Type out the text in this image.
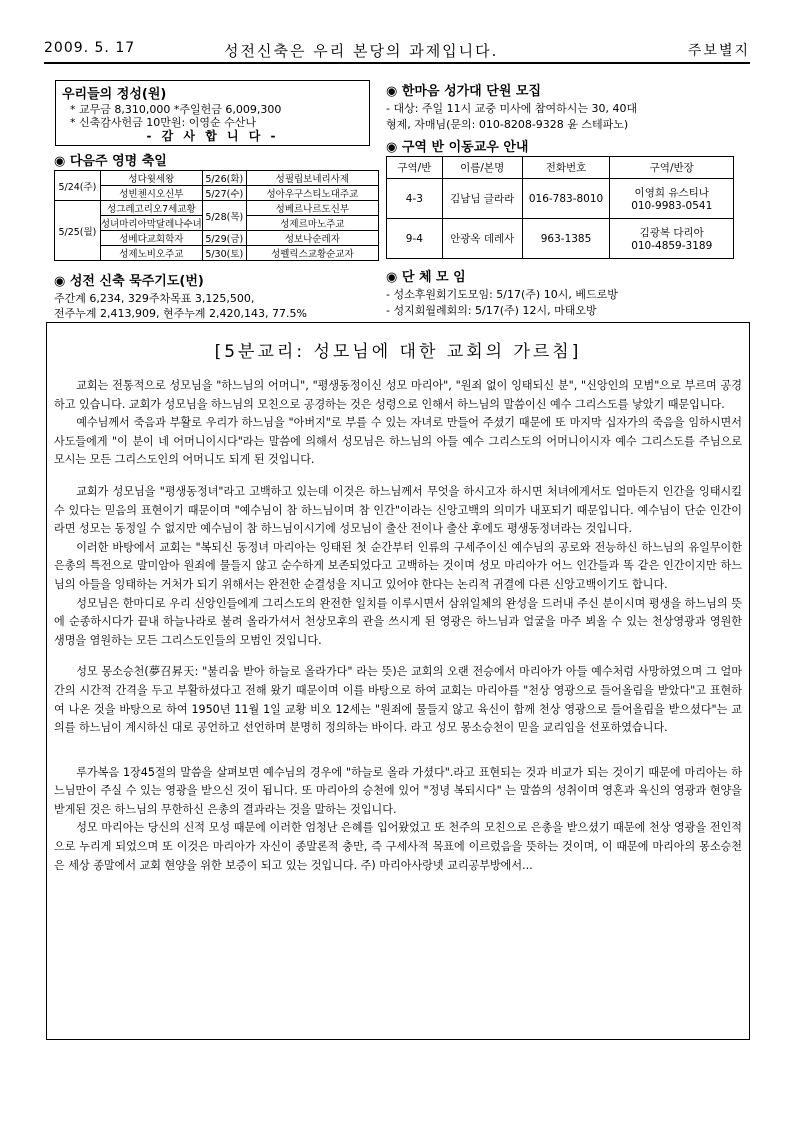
2009. 5. 17	성전신축은 우리 본당의 과제입니다.	주보별지
우리들의 정성(원)
* 교무금 8,310,000 *주일헌금 6,009,300
* 신축감사헌금 10만원: 이영순 수산나
- 감 사 합 니 다 -
◉ 다음주 영명 축일
5/24(주)	성다윗세왕	5/26(화)	성필립보네리사제
	성빈첸시오신부	5/27(수)	성아우구스티노대주교
5/25(월)	성그레고리오7세교황	5/28(목)	성베르나르도신부
	성녀마리아막달레나수녀		성제르마노주교
	성베다교회학자	5/29(금)	성보나순레자
	성제노비오주교	5/30(토)	성펠릭스교황순교자
◉ 성전 신축 묵주기도(번)
주간계 6,234, 329주차목표 3,125,500,
전주누계 2,413,909, 현주누계 2,420,143, 77.5%
◉ 한마음 성가대 단원 모집
- 대상: 주일 11시 교중 미사에 참여하시는 30, 40대
형제, 자매님(문의: 010-8208-9328 윤 스테파노)
◉ 구역 반 이동교우 안내
구역/반	이름/본명	전화번호	구역/반장
4-3	김남님 글라라	016-783-8010	이영희 유스티나
010-9983-0541
9-4	안광옥 데레사	963-1385	김광복 다리아
010-4859-3189
◉ 단 체 모 임
- 성소후원회기도모임: 5/17(주) 10시, 베드로방
- 성지회월례회의: 5/17(주) 12시, 마태오방
[5분교리: 성모님에 대한 교회의 가르침]

교회는 전통적으로 성모님을 "하느님의 어머니", "평생동정이신 성모 마리아", "원죄 없이 잉태되신 분", "신앙인의 모범"으로 부르며 공경하고 있습니다. 교회가 성모님을 하느님의 모친으로 공경하는 것은 성령으로 인해서 하느님의 말씀이신 예수 그리스도를 낳았기 때문입니다.

예수님께서 죽음과 부활로 우리가 하느님을 "아버지"로 부를 수 있는 자녀로 만들어 주셨기 때문에 또 마지막 십자가의 죽음을 임하시면서 사도들에게 "이 분이 네 어머니이시다"라는 말씀에 의해서 성모님은 하느님의 아들 예수 그리스도의 어머니이시자 예수 그리스도를 주님으로 모시는 모든 그리스도인의 어머니도 되게 된 것입니다.

교회가 성모님을 "평생동정녀"라고 고백하고 있는데 이것은 하느님께서 무엇을 하시고자 하시면 처녀에게서도 얼마든지 인간을 잉태시킬 수 있다는 믿음의 표현이기 때문이며 "예수님이 참 하느님이며 참 인간"이라는 신앙고백의 의미가 내포되기 때문입니다. 예수님이 단순 인간이라면 성모는 동정일 수 없지만 예수님이 참 하느님이시기에 성모님이 출산 전이나 출산 후에도 평생동정녀라는 것입니다.

이러한 바탕에서 교회는 "복되신 동정녀 마리아는 잉태된 첫 순간부터 인류의 구세주이신 예수님의 공로와 전능하신 하느님의 유일무이한 은총의 특전으로 말미암아 원죄에 물들지 않고 순수하게 보존되었다고 고백하는 것이며 성모 마리아가 어느 인간들과 똑 같은 인간이지만 하느님의 아들을 잉태하는 거처가 되기 위해서는 완전한 순결성을 지니고 있어야 한다는 논리적 귀결에 다른 신앙고백이기도 합니다.

성모님은 한마디로 우리 신앙인들에게 그리스도의 완전한 일치를 이루시면서 삼위일체의 완성을 드러내 주신 분이시며 평생을 하느님의 뜻에 순종하시다가 끝내 하늘나라로 불려 올라가셔서 천상모후의 관을 쓰시게 된 영광은 하느님과 얼굴을 마주 뵈올 수 있는 천상영광과 영원한 생명을 염원하는 모든 그리스도인들의 모범인 것입니다.

성모 몽소승천(夢召昇天: "불리움 받아 하늘로 올라가다" 라는 뜻)은 교회의 오랜 전승에서 마리아가 아들 예수처럼 사망하였으며 그 얼마간의 시간적 간격을 두고 부활하셨다고 전해 왔기 때문이며 이를 바탕으로 하여 교회는 마리아를 "천상 영광으로 들어올림을 받았다"고 표현하여 나온 것을 바탕으로 하여 1950년 11월 1일 교황 비오 12세는 "원죄에 물들지 않고 육신이 함께 천상 영광으로 들어올림을 받으셨다"는 교의를 하느님이 계시하신 대로 공언하고 선언하며 분명히 정의하는 바이다. 라고 성모 몽소승천이 믿을 교리임을 선포하였습니다.

루가복음 1장45절의 말씀을 살펴보면 예수님의 경우에 "하늘로 올라 가셨다".라고 표현되는 것과 비교가 되는 것이기 때문에 마리아는 하느님만이 주실 수 있는 영광을 받으신 것이 됩니다. 또 마리아의 승천에 있어 "정녕 복되시다" 는 말씀의 성취이며 영혼과 육신의 영광과 현양을 받게된 것은 하느님의 무한하신 은총의 결과라는 것을 말하는 것입니다.

성모 마리아는 당신의 신적 모성 때문에 이러한 엄청난 은혜를 입어왔었고 또 천주의 모친으로 은총을 받으셨기 때문에 천상 영광을 전인적으로 누리게 되었으며 또 이것은 마리아가 자신이 종말론적 충만, 즉 구세사적 목표에 이르렀음을 뜻하는 것이며, 이 때문에 마리아의 몽소승천은 세상 종말에서 교회 현양을 위한 보증이 되고 있는 것입니다. 주) 마리아사랑넷 교리공부방에서...
